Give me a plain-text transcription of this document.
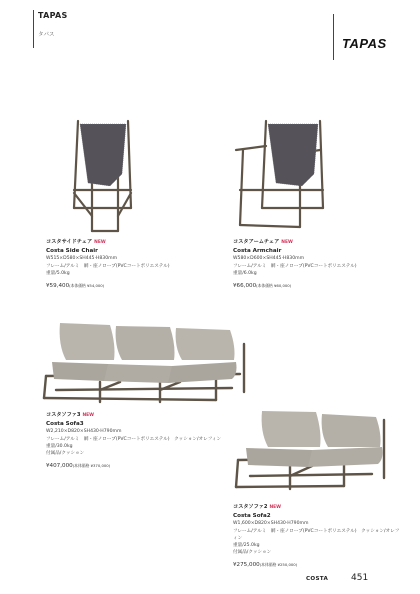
TAPAS
タパス
TAPAS
コスタサイドチェア NEW
Costa Side Chair
W515×D580×SH445·H830mm
フレーム/アルミ　網・座ノロープ(PVCコートポリエステル)
重量/5.0kg
¥59,400(本体価格 ¥54,000)
コスタアームチェア NEW
Costa Armchair
W580×D600×SH445·H830mm
フレーム/アルミ　網・座ノロープ(PVCコートポリエステル)
重量/6.0kg
¥66,000(本体価格 ¥60,000)
コスタソファ3 NEW
Costa Sofa3
W2,210×D820×SH430·H790mm
フレーム/アルミ　網・座ノロープ(PVCコートポリエステル)　クッション/オレフィン
重量/30.0kg
付属品/クッション
¥407,000(本体価格 ¥370,000)
コスタソファ2 NEW
Costa Sofa2
W1,600×D820×SH430·H790mm
フレーム/アルミ　網・座ノロープ(PVCコートポリエステル)　クッション/オレフィン
重量/25.0kg
付属品/クッション
¥275,000(本体価格 ¥250,000)
COSTA	451
